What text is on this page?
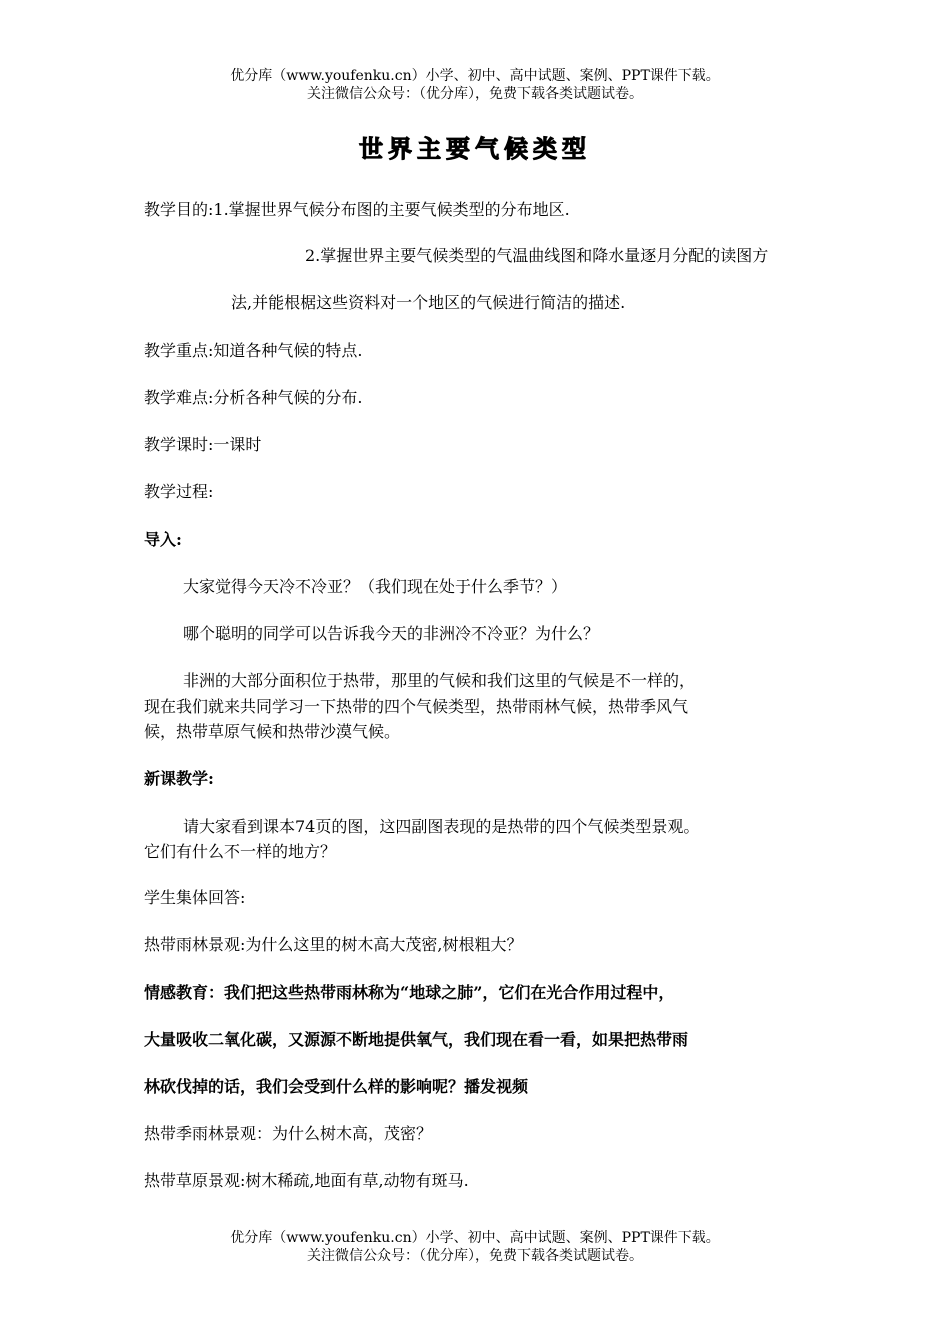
优分库（www.youfenku.cn）小学、初中、高中试题、案例、PPT课件下载。
关注微信公众号：（优分库），免费下载各类试题试卷。
世界主要气候类型
教学目的:1.掌握世界气候分布图的主要气候类型的分布地区.
2.掌握世界主要气候类型的气温曲线图和降水量逐月分配的读图方
法,并能根椐这些资料对一个地区的气候进行简洁的描述.
教学重点:知道各种气候的特点.
教学难点:分析各种气候的分布.
教学课时:一课时
教学过程:
导入:
大家觉得今天冷不冷亚？（我们现在处于什么季节？）
哪个聪明的同学可以告诉我今天的非洲冷不冷亚？为什么？
非洲的大部分面积位于热带，那里的气候和我们这里的气候是不一样的，
现在我们就来共同学习一下热带的四个气候类型，热带雨林气候，热带季风气
候，热带草原气候和热带沙漠气候。
新课教学:
请大家看到课本74页的图，这四副图表现的是热带的四个气候类型景观。
它们有什么不一样的地方？
学生集体回答:
热带雨林景观:为什么这里的树木高大茂密,树根粗大？
情感教育：我们把这些热带雨林称为“地球之肺”，它们在光合作用过程中，
大量吸收二氧化碳，又源源不断地提供氧气，我们现在看一看，如果把热带雨
林砍伐掉的话，我们会受到什么样的影响呢？播发视频
热带季雨林景观：为什么树木高，茂密？
热带草原景观:树木稀疏,地面有草,动物有斑马.
优分库（www.youfenku.cn）小学、初中、高中试题、案例、PPT课件下载。
关注微信公众号：（优分库），免费下载各类试题试卷。
